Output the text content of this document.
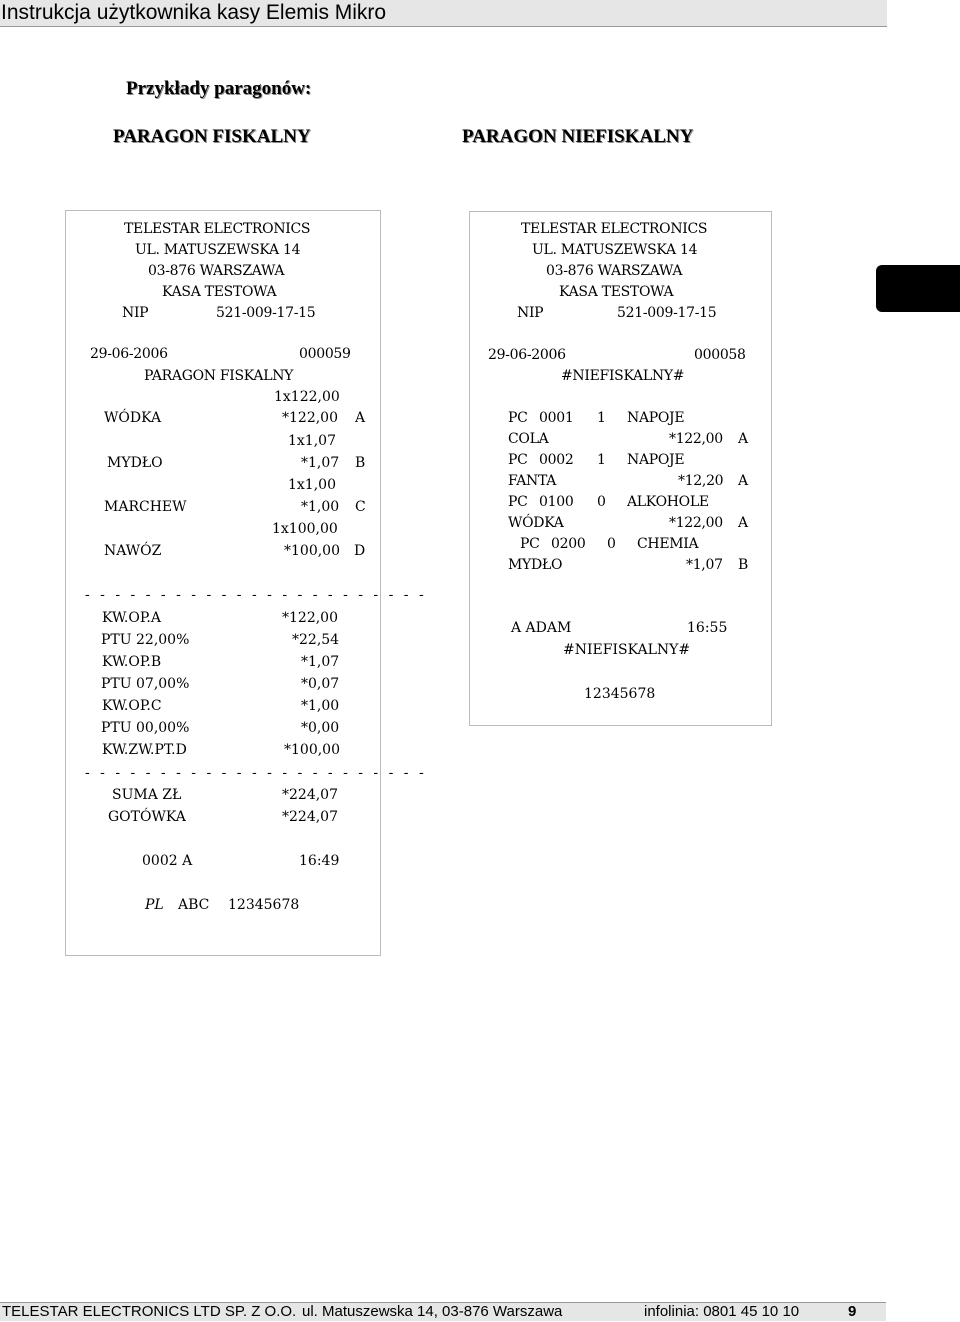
Instrukcja użytkownika kasy Elemis Mikro
Przykłady paragonów:
PARAGON FISKALNY	PARAGON NIEFISKALNY
TELESTAR ELECTRONICS
UL. MATUSZEWSKA 14
03-876 WARSZAWA
KASA TESTOWA
NIP	521-009-17-15
29-06-2006	000059
PARAGON FISKALNY
1x122,00
WÓDKA	*122,00 A
1x1,07
MYDŁO	*1,07 B
1x1,00
MARCHEW	*1,00 C
1x100,00
NAWÓZ	*100,00 D
- - - - - - - - - - - - - - - - - - - - - - -
KW.OP.A	*122,00
PTU 22,00%	*22,54
KW.OP.B	*1,07
PTU 07,00%	*0,07
KW.OP.C	*1,00
PTU 00,00%	*0,00
KW.ZW.PT.D	*100,00
- - - - - - - - - - - - - - - - - - - - - - -
SUMA ZŁ	*224,07
GOTÓWKA	*224,07
0002 A	16:49
PL ABC 12345678
TELESTAR ELECTRONICS
UL. MATUSZEWSKA 14
03-876 WARSZAWA
KASA TESTOWA
NIP	521-009-17-15
29-06-2006	000058
#NIEFISKALNY#
PC 0001 1 NAPOJE
COLA	*122,00 A
PC 0002 1 NAPOJE
FANTA	*12,20 A
PC 0100 0 ALKOHOLE
WÓDKA	*122,00 A
PC 0200 0 CHEMIA
MYDŁO	*1,07 B
A ADAM	16:55
#NIEFISKALNY#
12345678
TELESTAR ELECTRONICS LTD SP. Z O.O. ul. Matuszewska 14, 03-876 Warszawa	infolinia: 0801 45 10 10	9
